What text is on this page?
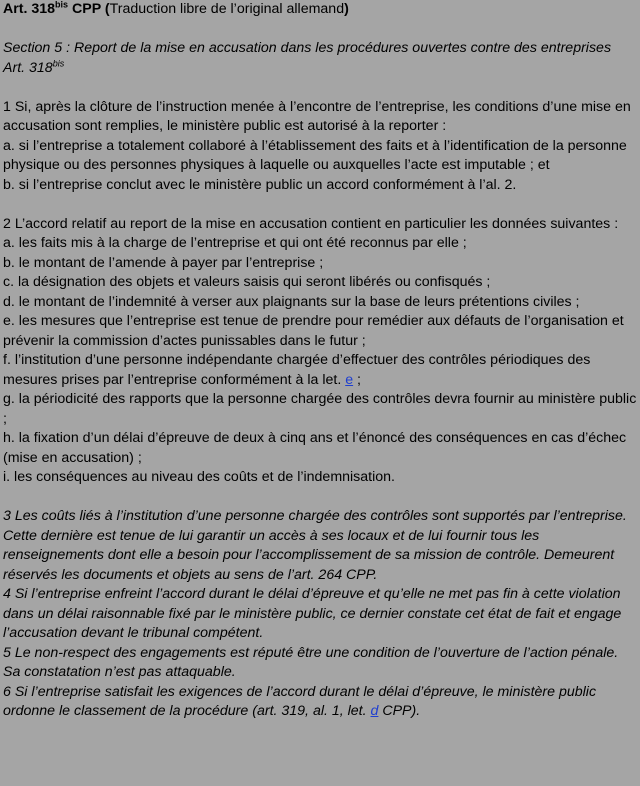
Art. $318^{bis}$ CPP (Traduction libre de l’original allemand)

Section 5 : Report de la mise en accusation dans les procédures ouvertes contre des entreprises

Art. $318^{bis}$

1 Si, après la clôture de l’instruction menée à l’encontre de l’entreprise, les conditions d’une mise en accusation sont remplies, le ministère public est autorisé à la reporter :

a. si l’entreprise a totalement collaboré à l’établissement des faits et à l’identification de la personne physique ou des personnes physiques à laquelle ou auxquelles l’acte est imputable ; et

b. si l’entreprise conclut avec le ministère public un accord conformément à l’al. 2.

2 L’accord relatif au report de la mise en accusation contient en particulier les données suivantes :

a. les faits mis à la charge de l’entreprise et qui ont été reconnus par elle ;

b. le montant de l’amende à payer par l’entreprise ;

c. la désignation des objets et valeurs saisis qui seront libérés ou confisqués ;

d. le montant de l’indemnité à verser aux plaignants sur la base de leurs prétentions civiles ;

e. les mesures que l’entreprise est tenue de prendre pour remédier aux défauts de l’organisation et prévenir la commission d’actes punissables dans le futur ;

f. l’institution d’une personne indépendante chargée d’effectuer des contrôles périodiques des mesures prises par l’entreprise conformément à la let. e ;

g. la périodicité des rapports que la personne chargée des contrôles devra fournir au ministère public ;

h. la fixation d’un délai d’épreuve de deux à cinq ans et l’énoncé des conséquences en cas d’échec (mise en accusation) ;

i. les conséquences au niveau des coûts et de l’indemnisation.

3 Les coûts liés à l’institution d’une personne chargée des contrôles sont supportés par l’entreprise. Cette dernière est tenue de lui garantir un accès à ses locaux et de lui fournir tous les renseignements dont elle a besoin pour l’accomplissement de sa mission de contrôle. Demeurent réservés les documents et objets au sens de l’art. 264 CPP.

4 Si l’entreprise enfreint l’accord durant le délai d’épreuve et qu’elle ne met pas fin à cette violation dans un délai raisonnable fixé par le ministère public, ce dernier constate cet état de fait et engage l’accusation devant le tribunal compétent.

5 Le non-respect des engagements est réputé être une condition de l’ouverture de l’action pénale. Sa constatation n’est pas attaquable.

6 Si l’entreprise satisfait les exigences de l’accord durant le délai d’épreuve, le ministère public ordonne le classement de la procédure (art. 319, al. 1, let. d CPP).
